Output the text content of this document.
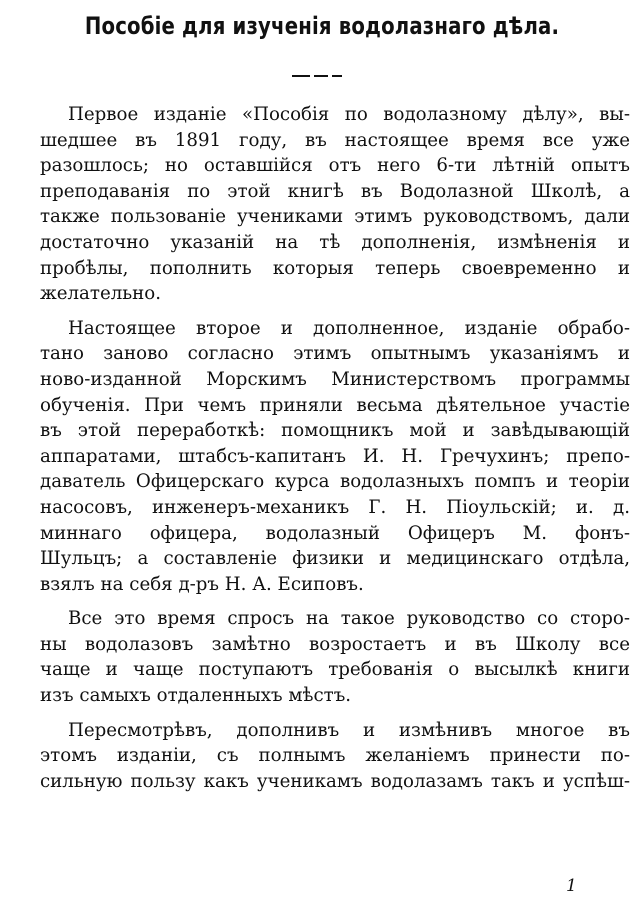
Пособіе для изученія водолазнаго дѣла.
Первое изданіе «Пособія по водолазному дѣлу», вы-
шедшее въ 1891 году, въ настоящее время все уже
разошлось; но оставшійся отъ него 6-ти лѣтній опытъ
преподаванія по этой книгѣ въ Водолазной Школѣ, а
также пользованіе учениками этимъ руководствомъ, дали
достаточно указаній на тѣ дополненія, измѣненія и
пробѣлы, пополнить которыя теперь своевременно и
желательно.
Настоящее второе и дополненное, изданіе обрабо-
тано заново согласно этимъ опытнымъ указаніямъ и
ново-изданной Морскимъ Министерствомъ программы
обученія. При чемъ приняли весьма дѣятельное участіе
въ этой переработкѣ: помощникъ мой и завѣдывающій
аппаратами, штабсъ-капитанъ И. Н. Гречухинъ; препо-
даватель Офицерскаго курса водолазныхъ помпъ и теоріи
насосовъ, инженеръ-механикъ Г. Н. Піоульскій; и. д.
миннаго офицера, водолазный Офицеръ М. фонъ-
Шульцъ; а составленіе физики и медицинскаго отдѣла,
взялъ на себя д-ръ Н. А. Есиповъ.
Все это время спросъ на такое руководство со сторо-
ны водолазовъ замѣтно возростаетъ и въ Школу все
чаще и чаще поступаютъ требованія о высылкѣ книги
изъ самыхъ отдаленныхъ мѣстъ.
Пересмотрѣвъ, дополнивъ и измѣнивъ многое въ
этомъ изданіи, съ полнымъ желаніемъ принести по-
сильную пользу какъ ученикамъ водолазамъ такъ и успѣш-
1
